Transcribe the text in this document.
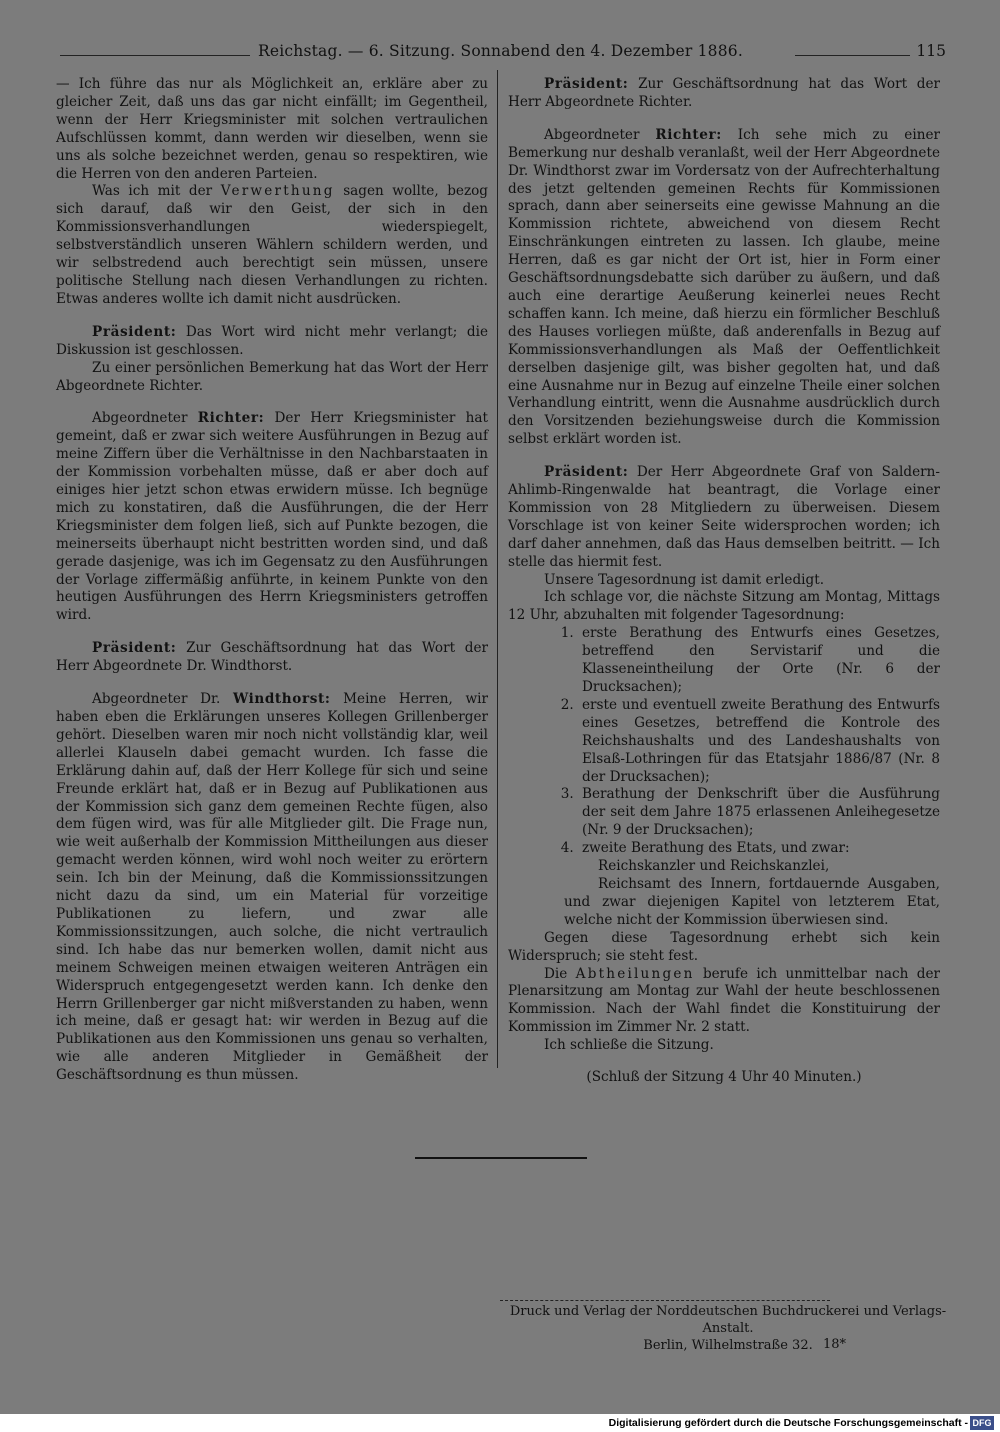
Reichstag. — 6. Sitzung. Sonnabend den 4. Dezember 1886.	115

— Ich führe das nur als Möglichkeit an, erkläre aber zu gleicher Zeit, daß uns das gar nicht einfällt; im Gegentheil, wenn der Herr Kriegsminister mit solchen vertraulichen Aufschlüssen kommt, dann werden wir dieselben, wenn sie uns als solche bezeichnet werden, genau so respektiren, wie die Herren von den anderen Parteien.

Was ich mit der Verwerthung sagen wollte, bezog sich darauf, daß wir den Geist, der sich in den Kommissionsverhandlungen wiederspiegelt, selbstverständlich unseren Wählern schildern werden, und wir selbstredend auch berechtigt sein müssen, unsere politische Stellung nach diesen Verhandlungen zu richten. Etwas anderes wollte ich damit nicht ausdrücken.

Präsident: Das Wort wird nicht mehr verlangt; die Diskussion ist geschlossen.

Zu einer persönlichen Bemerkung hat das Wort der Herr Abgeordnete Richter.

Abgeordneter Richter: Der Herr Kriegsminister hat gemeint, daß er zwar sich weitere Ausführungen in Bezug auf meine Ziffern über die Verhältnisse in den Nachbarstaaten in der Kommission vorbehalten müsse, daß er aber doch auf einiges hier jetzt schon etwas erwidern müsse. Ich begnüge mich zu konstatiren, daß die Ausführungen, die der Herr Kriegsminister dem folgen ließ, sich auf Punkte bezogen, die meinerseits überhaupt nicht bestritten worden sind, und daß gerade dasjenige, was ich im Gegensatz zu den Ausführungen der Vorlage ziffermäßig anführte, in keinem Punkte von den heutigen Ausführungen des Herrn Kriegsministers getroffen wird.

Präsident: Zur Geschäftsordnung hat das Wort der Herr Abgeordnete Dr. Windthorst.

Abgeordneter Dr. Windthorst: Meine Herren, wir haben eben die Erklärungen unseres Kollegen Grillenberger gehört. Dieselben waren mir noch nicht vollständig klar, weil allerlei Klauseln dabei gemacht wurden. Ich fasse die Erklärung dahin auf, daß der Herr Kollege für sich und seine Freunde erklärt hat, daß er in Bezug auf Publikationen aus der Kommission sich ganz dem gemeinen Rechte fügen, also dem fügen wird, was für alle Mitglieder gilt. Die Frage nun, wie weit außerhalb der Kommission Mittheilungen aus dieser gemacht werden können, wird wohl noch weiter zu erörtern sein. Ich bin der Meinung, daß die Kommissionssitzungen nicht dazu da sind, um ein Material für vorzeitige Publikationen zu liefern, und zwar alle Kommissionssitzungen, auch solche, die nicht vertraulich sind. Ich habe das nur bemerken wollen, damit nicht aus meinem Schweigen meinen etwaigen weiteren Anträgen ein Widerspruch entgegengesetzt werden kann. Ich denke den Herrn Grillenberger gar nicht mißverstanden zu haben, wenn ich meine, daß er gesagt hat: wir werden in Bezug auf die Publikationen aus den Kommissionen uns genau so verhalten, wie alle anderen Mitglieder in Gemäßheit der Geschäftsordnung es thun müssen.

Präsident: Zur Geschäftsordnung hat das Wort der Herr Abgeordnete Richter.

Abgeordneter Richter: Ich sehe mich zu einer Bemerkung nur deshalb veranlaßt, weil der Herr Abgeordnete Dr. Windthorst zwar im Vordersatz von der Aufrechterhaltung des jetzt geltenden gemeinen Rechts für Kommissionen sprach, dann aber seinerseits eine gewisse Mahnung an die Kommission richtete, abweichend von diesem Recht Einschränkungen eintreten zu lassen. Ich glaube, meine Herren, daß es gar nicht der Ort ist, hier in Form einer Geschäftsordnungsdebatte sich darüber zu äußern, und daß auch eine derartige Aeußerung keinerlei neues Recht schaffen kann. Ich meine, daß hierzu ein förmlicher Beschluß des Hauses vorliegen müßte, daß anderenfalls in Bezug auf Kommissionsverhandlungen als Maß der Oeffentlichkeit derselben dasjenige gilt, was bisher gegolten hat, und daß eine Ausnahme nur in Bezug auf einzelne Theile einer solchen Verhandlung eintritt, wenn die Ausnahme ausdrücklich durch den Vorsitzenden beziehungsweise durch die Kommission selbst erklärt worden ist.

Präsident: Der Herr Abgeordnete Graf von Saldern-Ahlimb-Ringenwalde hat beantragt, die Vorlage einer Kommission von 28 Mitgliedern zu überweisen. Diesem Vorschlage ist von keiner Seite widersprochen worden; ich darf daher annehmen, daß das Haus demselben beitritt. — Ich stelle das hiermit fest.

Unsere Tagesordnung ist damit erledigt.

Ich schlage vor, die nächste Sitzung am Montag, Mittags 12 Uhr, abzuhalten mit folgender Tagesordnung:

1. erste Berathung des Entwurfs eines Gesetzes, betreffend den Servistarif und die Klasseneintheilung der Orte (Nr. 6 der Drucksachen);
2. erste und eventuell zweite Berathung des Entwurfs eines Gesetzes, betreffend die Kontrole des Reichshaushalts und des Landeshaushalts von Elsaß-Lothringen für das Etatsjahr 1886/87 (Nr. 8 der Drucksachen);
3. Berathung der Denkschrift über die Ausführung der seit dem Jahre 1875 erlassenen Anleihegesetze (Nr. 9 der Drucksachen);
4. zweite Berathung des Etats, und zwar:
Reichskanzler und Reichskanzlei,
Reichsamt des Innern, fortdauernde Ausgaben, und zwar diejenigen Kapitel von letzterem Etat, welche nicht der Kommission überwiesen sind.

Gegen diese Tagesordnung erhebt sich kein Widerspruch; sie steht fest.

Die Abtheilungen berufe ich unmittelbar nach der Plenarsitzung am Montag zur Wahl der heute beschlossenen Kommission. Nach der Wahl findet die Konstituirung der Kommission im Zimmer Nr. 2 statt.

Ich schließe die Sitzung.

(Schluß der Sitzung 4 Uhr 40 Minuten.)

Druck und Verlag der Norddeutschen Buchdruckerei und Verlags-Anstalt.
Berlin, Wilhelmstraße 32. 18*
Digitalisierung gefördert durch die Deutsche Forschungsgemeinschaft - DFG
